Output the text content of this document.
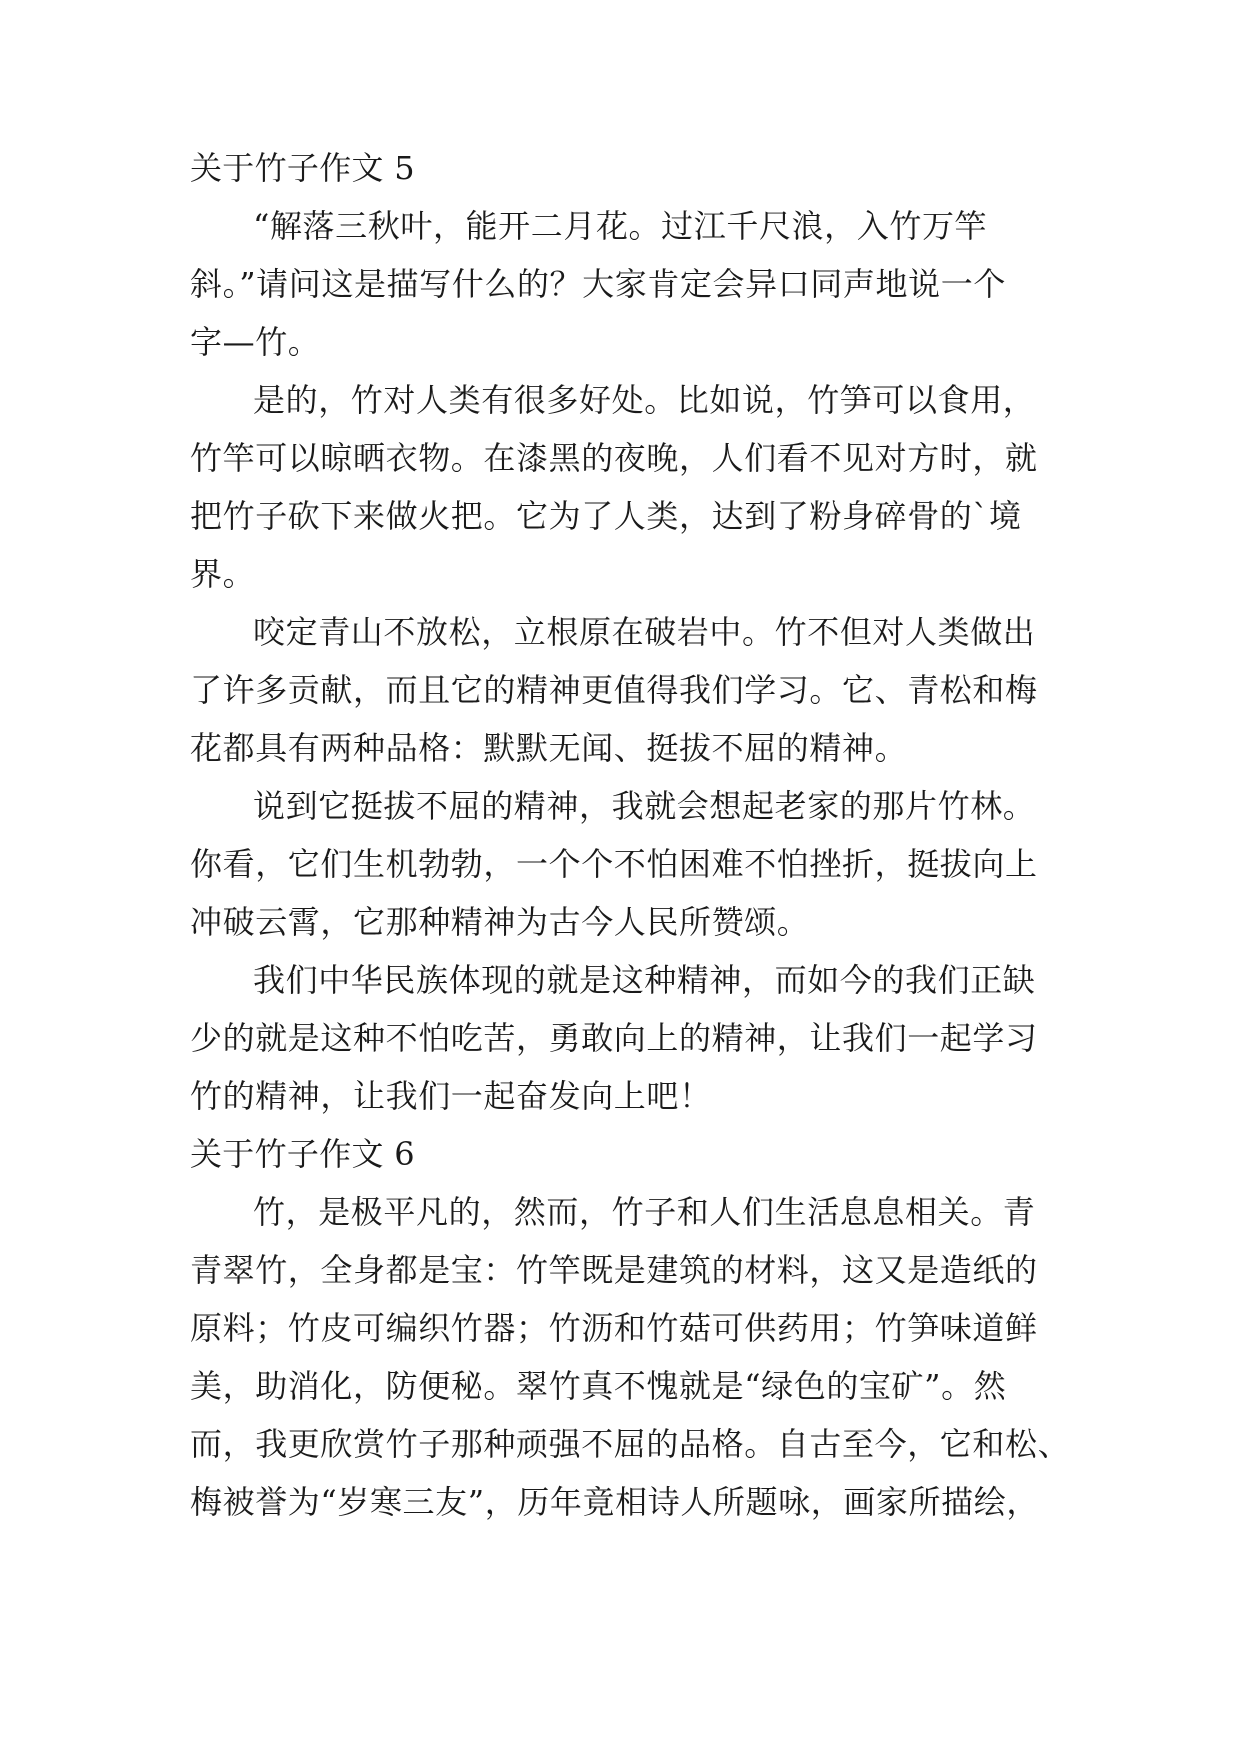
关于竹子作文 5
“解落三秋叶，能开二月花。过江千尺浪，入竹万竿
斜。”请问这是描写什么的？大家肯定会异口同声地说一个
字—竹。
是的，竹对人类有很多好处。比如说，竹笋可以食用，
竹竿可以晾晒衣物。在漆黑的夜晚，人们看不见对方时，就
把竹子砍下来做火把。它为了人类，达到了粉身碎骨的`境
界。
咬定青山不放松，立根原在破岩中。竹不但对人类做出
了许多贡献，而且它的精神更值得我们学习。它、青松和梅
花都具有两种品格：默默无闻、挺拔不屈的精神。
说到它挺拔不屈的精神，我就会想起老家的那片竹林。
你看，它们生机勃勃，一个个不怕困难不怕挫折，挺拔向上
冲破云霄，它那种精神为古今人民所赞颂。
我们中华民族体现的就是这种精神，而如今的我们正缺
少的就是这种不怕吃苦，勇敢向上的精神，让我们一起学习
竹的精神，让我们一起奋发向上吧！
关于竹子作文 6
竹，是极平凡的，然而，竹子和人们生活息息相关。青
青翠竹，全身都是宝：竹竿既是建筑的材料，这又是造纸的
原料；竹皮可编织竹器；竹沥和竹菇可供药用；竹笋味道鲜
美，助消化，防便秘。翠竹真不愧就是“绿色的宝矿”。然
而，我更欣赏竹子那种顽强不屈的品格。自古至今，它和松、
梅被誉为“岁寒三友”，历年竟相诗人所题咏，画家所描绘，
